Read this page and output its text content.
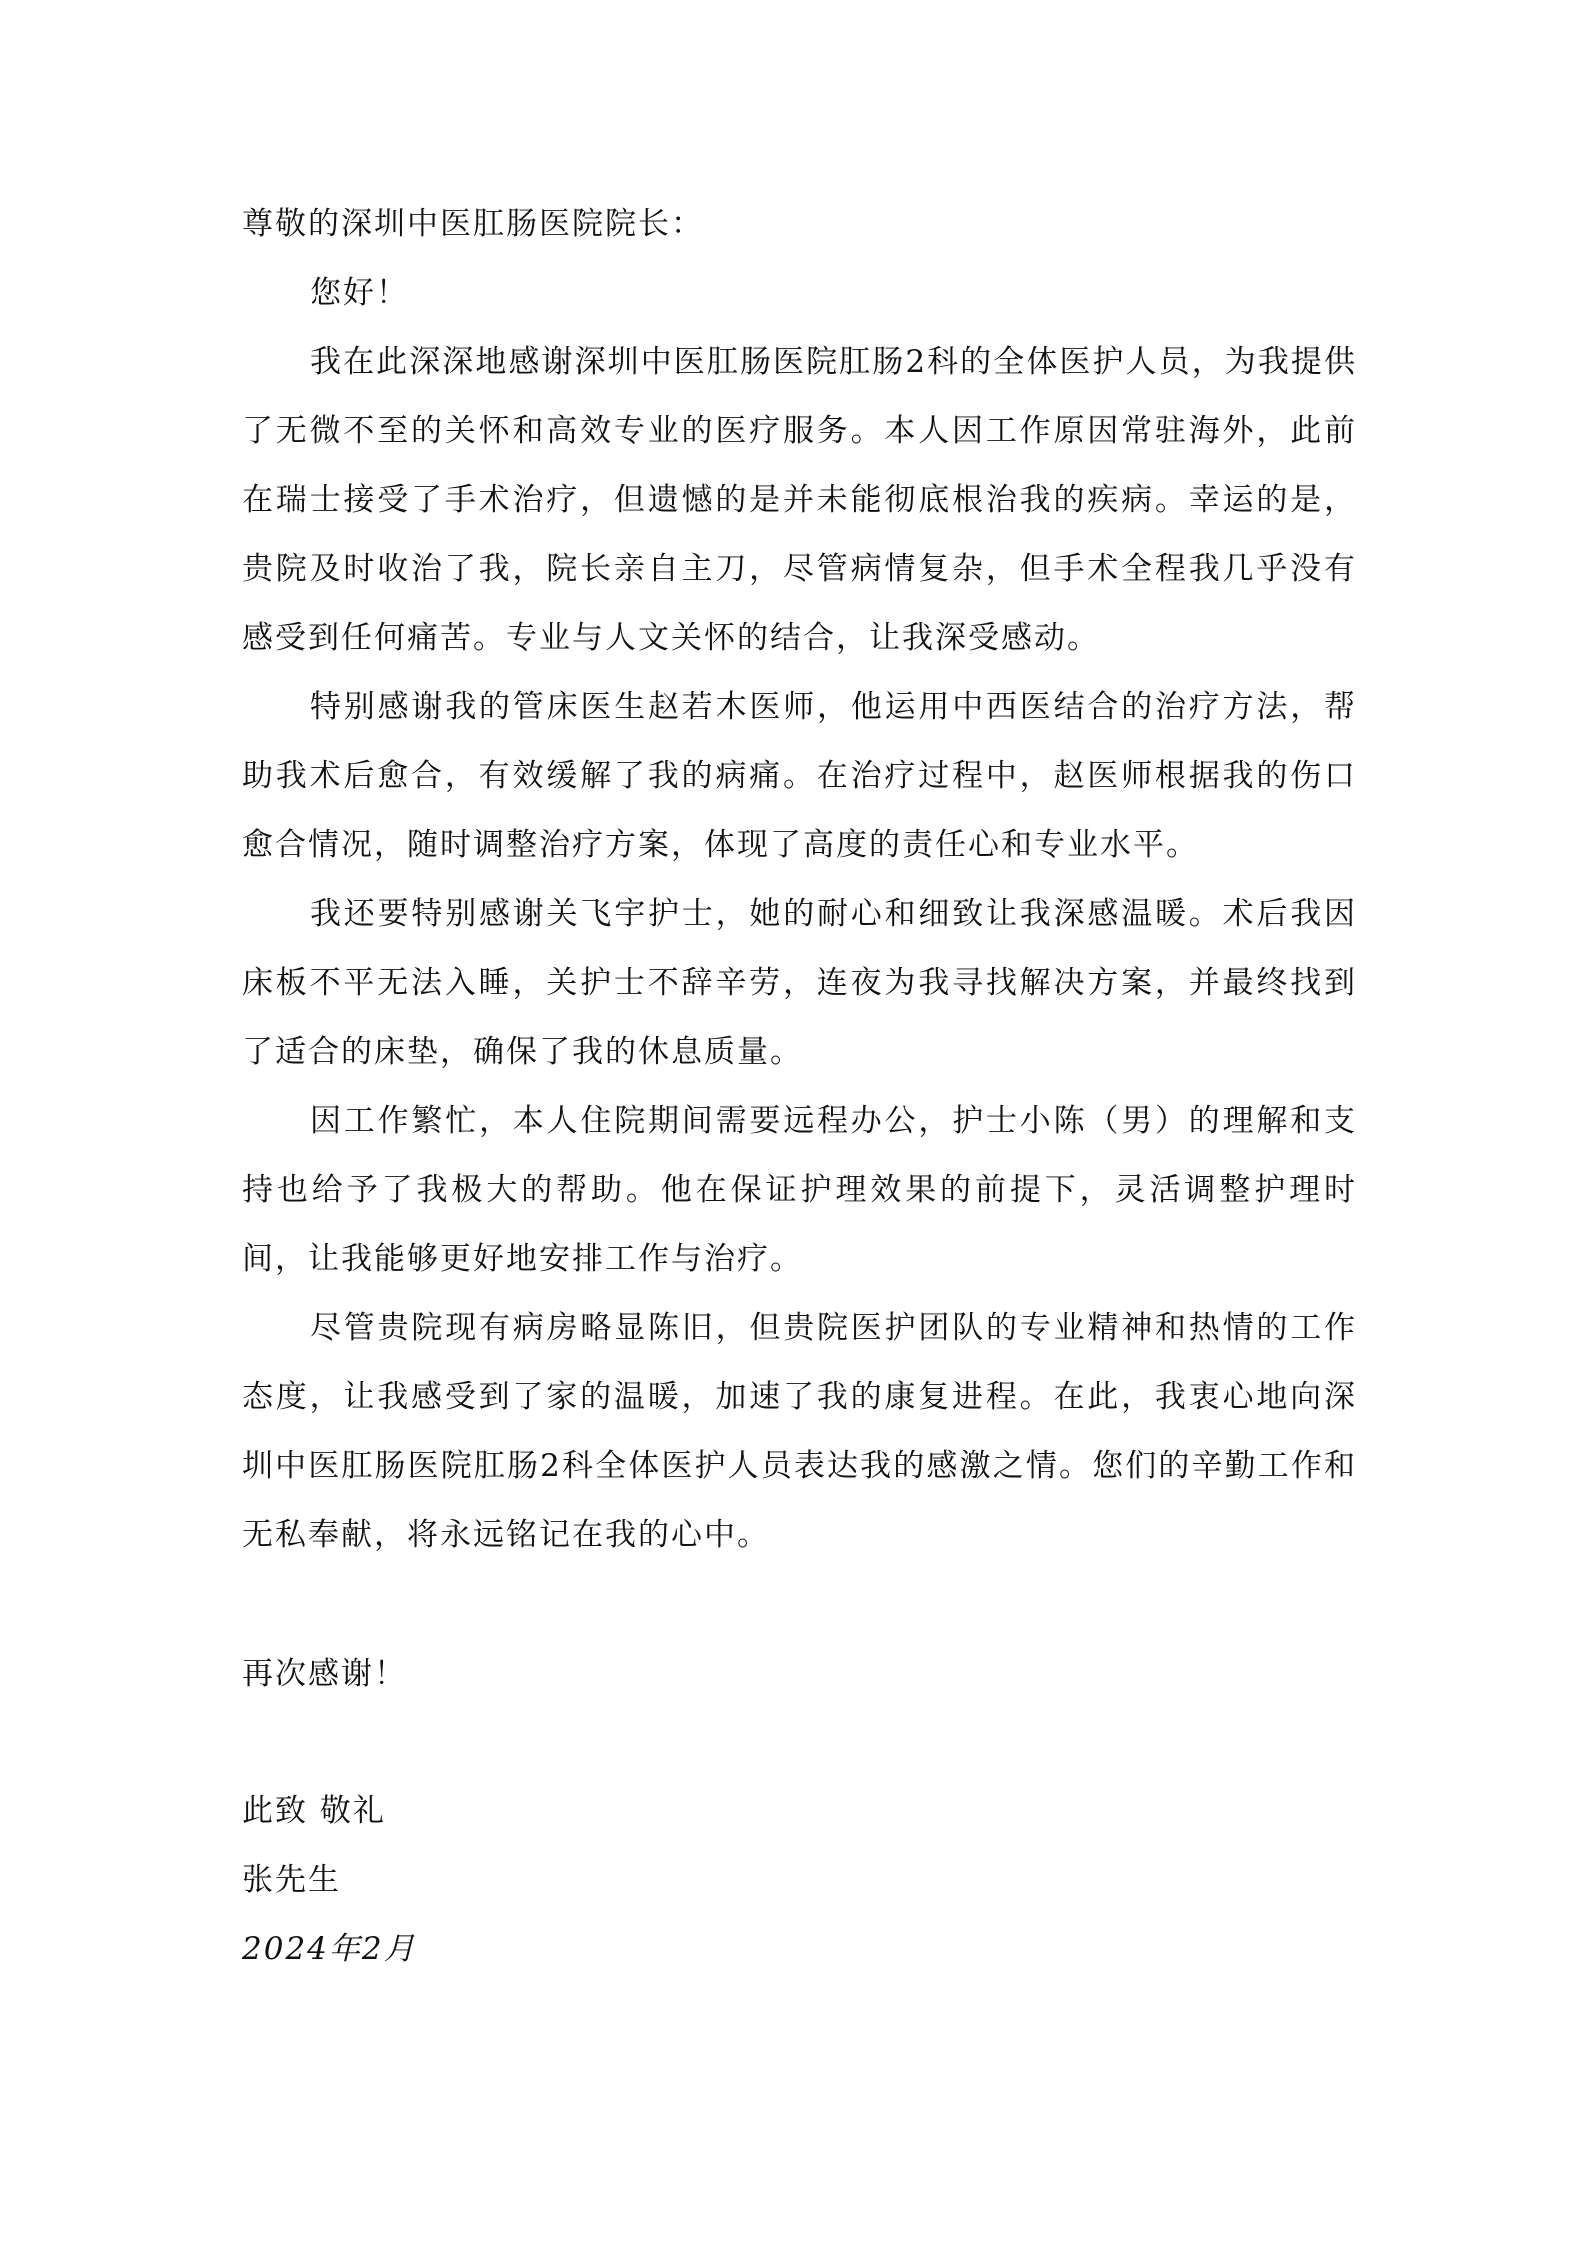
尊敬的深圳中医肛肠医院院长：

您好！

我在此深深地感谢深圳中医肛肠医院肛肠2科的全体医护人员，为我提供了无微不至的关怀和高效专业的医疗服务。本人因工作原因常驻海外，此前在瑞士接受了手术治疗，但遗憾的是并未能彻底根治我的疾病。幸运的是，贵院及时收治了我，院长亲自主刀，尽管病情复杂，但手术全程我几乎没有感受到任何痛苦。专业与人文关怀的结合，让我深受感动。

特别感谢我的管床医生赵若木医师，他运用中西医结合的治疗方法，帮助我术后愈合，有效缓解了我的病痛。在治疗过程中，赵医师根据我的伤口愈合情况，随时调整治疗方案，体现了高度的责任心和专业水平。

我还要特别感谢关飞宇护士，她的耐心和细致让我深感温暖。术后我因床板不平无法入睡，关护士不辞辛劳，连夜为我寻找解决方案，并最终找到了适合的床垫，确保了我的休息质量。

因工作繁忙，本人住院期间需要远程办公，护士小陈（男）的理解和支持也给予了我极大的帮助。他在保证护理效果的前提下，灵活调整护理时间，让我能够更好地安排工作与治疗。

尽管贵院现有病房略显陈旧，但贵院医护团队的专业精神和热情的工作态度，让我感受到了家的温暖，加速了我的康复进程。在此，我衷心地向深圳中医肛肠医院肛肠2科全体医护人员表达我的感激之情。您们的辛勤工作和无私奉献，将永远铭记在我的心中。

再次感谢！

此致 敬礼

张先生

2024年2月
